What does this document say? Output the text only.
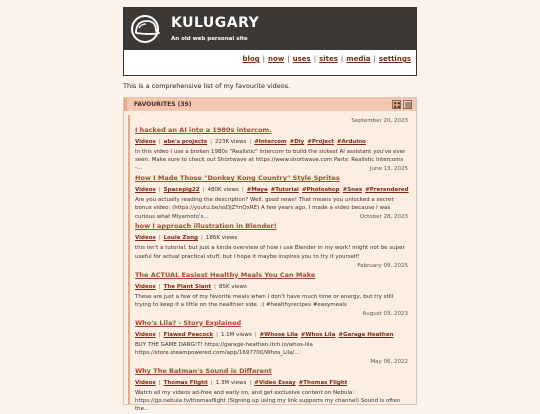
KULUGARY
An old web personal site
blog | now | uses | sites | media | settings

This is a comprehensive list of my favourite videos.

FAVOURITES (39)
I hacked an AI into a 1980s intercom.
September 20, 2023
Videos | abe's projects | 223K views | #Intercom #Diy #Project #Arduino
In this video I use a broken 1980s "Realistic" Intercom to build the sickest AI assistant you've ever seen. Make sure to check out Shortwave at https://www.shortwave.com Parts: Realistic Intercoms -...
How I Made Those "Donkey Kong Country" Style Sprites
June 13, 2025
Videos | Spacepig22 | 480K views | #Maya #Tutorial #Photoshop #Snes #Prerendered
Are you actually reading the description? Well, good news! That means you unlocked a secret bonus video: (https://youtu.be/ssDjZYnQxRE) A few years ago, I made a video because I was curious what Miyamoto's...
how I approach illustration in Blender!
October 28, 2023
Videos | Louie Zong | 186K views
this isn't a tutorial, but just a kinda overview of how i use Blender in my work! might not be super useful for actual practical stuff, but i hope it maybe inspires you to try it yourself!
The ACTUAL Easiest Healthy Meals You Can Make
February 09, 2025
Videos | The Plant Slant | 85K views
These are just a few of my favorite meals when I don't have much time or energy, but try still trying to keep it a little on the healthier side. :) #healthyrecipes #easymeals
Who's Lila? - Story Explained
August 03, 2023
Videos | Flawed Peacock | 1.1M views | #Whose Lila #Whos Lila #Garage Heathen
BUY THE GAME DANG!T! https://garage-heathen.itch.io/whos-lila https://store.steampowered.com/app/1697700/Whos_Lila/...
Why The Batman's Sound is Different
May 06, 2022
Videos | Thomas Flight | 1.3M views | #Video Essay #Thomas Flight
Watch all my videos ad-free and early on, and get exclusive content on Nebula: https://go.nebula.tv/thomasflight (Signing up using my link supports my channel) Sound is often the...
